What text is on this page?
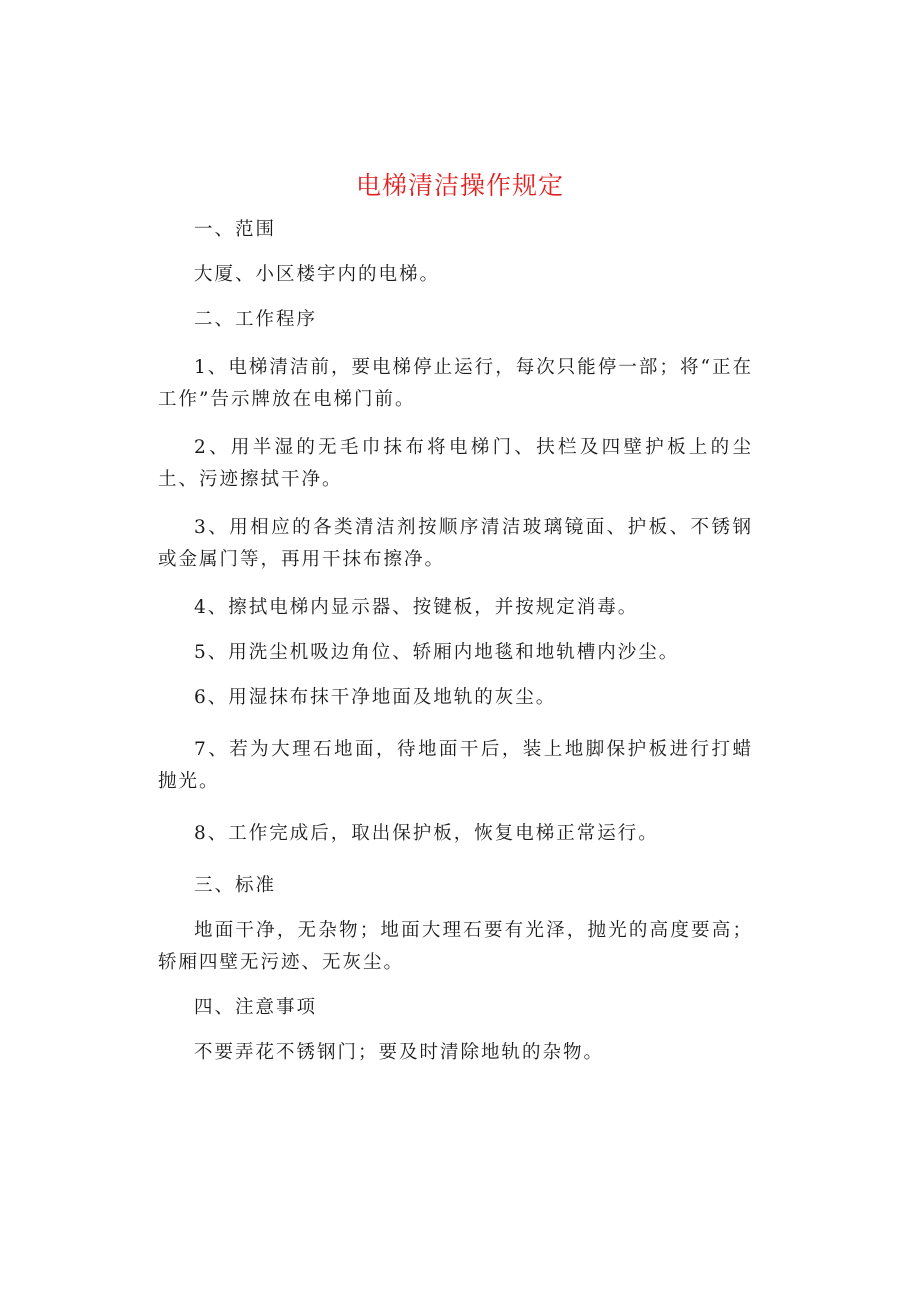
电梯清洁操作规定

一、范围

大厦、小区楼宇内的电梯。

二、工作程序

1、电梯清洁前，要电梯停止运行，每次只能停一部；将“正在工作”告示牌放在电梯门前。

2、用半湿的无毛巾抹布将电梯门、扶栏及四壁护板上的尘土、污迹擦拭干净。

3、用相应的各类清洁剂按顺序清洁玻璃镜面、护板、不锈钢或金属门等，再用干抹布擦净。

4、擦拭电梯内显示器、按键板，并按规定消毒。

5、用洗尘机吸边角位、轿厢内地毯和地轨槽内沙尘。

6、用湿抹布抹干净地面及地轨的灰尘。

7、若为大理石地面，待地面干后，装上地脚保护板进行打蜡抛光。

8、工作完成后，取出保护板，恢复电梯正常运行。

三、标准

地面干净，无杂物；地面大理石要有光泽，抛光的高度要高；轿厢四壁无污迹、无灰尘。

四、注意事项

不要弄花不锈钢门；要及时清除地轨的杂物。
